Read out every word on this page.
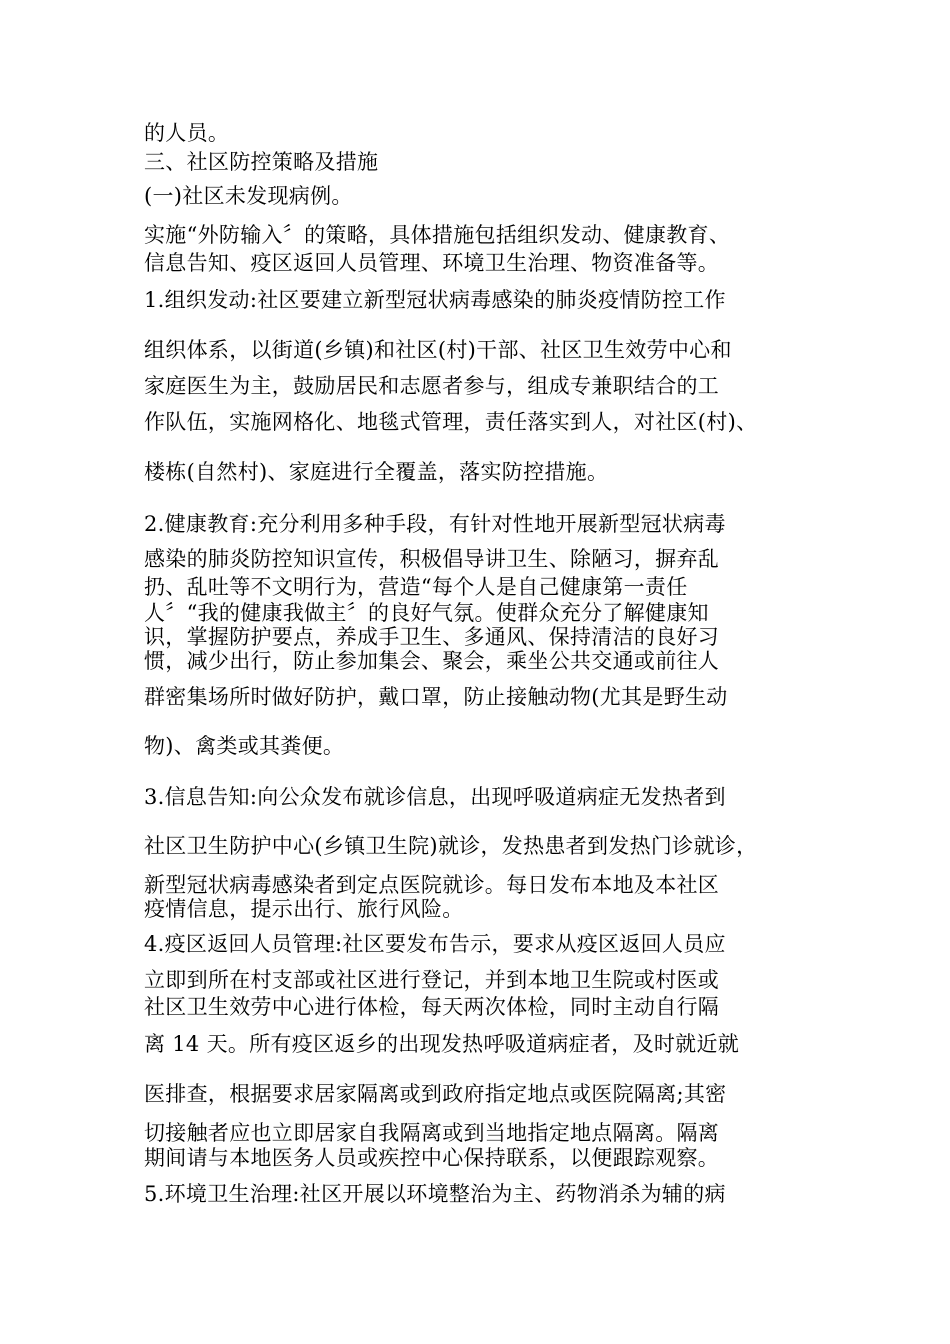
的人员。
三、社区防控策略及措施
(一)社区未发现病例。
实施“外防输入〞的策略，具体措施包括组织发动、健康教育、
信息告知、疫区返回人员管理、环境卫生治理、物资准备等。
1.组织发动:社区要建立新型冠状病毒感染的肺炎疫情防控工作
组织体系，以街道(乡镇)和社区(村)干部、社区卫生效劳中心和
家庭医生为主，鼓励居民和志愿者参与，组成专兼职结合的工
作队伍，实施网格化、地毯式管理，责任落实到人，对社区(村)、
楼栋(自然村)、家庭进行全覆盖，落实防控措施。
2.健康教育:充分利用多种手段，有针对性地开展新型冠状病毒
感染的肺炎防控知识宣传，积极倡导讲卫生、除陋习，摒弃乱
扔、乱吐等不文明行为，营造“每个人是自己健康第一责任
人〞“我的健康我做主〞的良好气氛。使群众充分了解健康知
识，掌握防护要点，养成手卫生、多通风、保持清洁的良好习
惯，减少出行，防止参加集会、聚会，乘坐公共交通或前往人
群密集场所时做好防护，戴口罩，防止接触动物(尤其是野生动
物)、禽类或其粪便。
3.信息告知:向公众发布就诊信息，出现呼吸道病症无发热者到
社区卫生防护中心(乡镇卫生院)就诊，发热患者到发热门诊就诊，
新型冠状病毒感染者到定点医院就诊。每日发布本地及本社区
疫情信息，提示出行、旅行风险。
4.疫区返回人员管理:社区要发布告示，要求从疫区返回人员应
立即到所在村支部或社区进行登记，并到本地卫生院或村医或
社区卫生效劳中心进行体检，每天两次体检，同时主动自行隔
离 14 天。所有疫区返乡的出现发热呼吸道病症者，及时就近就
医排查，根据要求居家隔离或到政府指定地点或医院隔离;其密
切接触者应也立即居家自我隔离或到当地指定地点隔离。隔离
期间请与本地医务人员或疾控中心保持联系，以便跟踪观察。
5.环境卫生治理:社区开展以环境整治为主、药物消杀为辅的病
